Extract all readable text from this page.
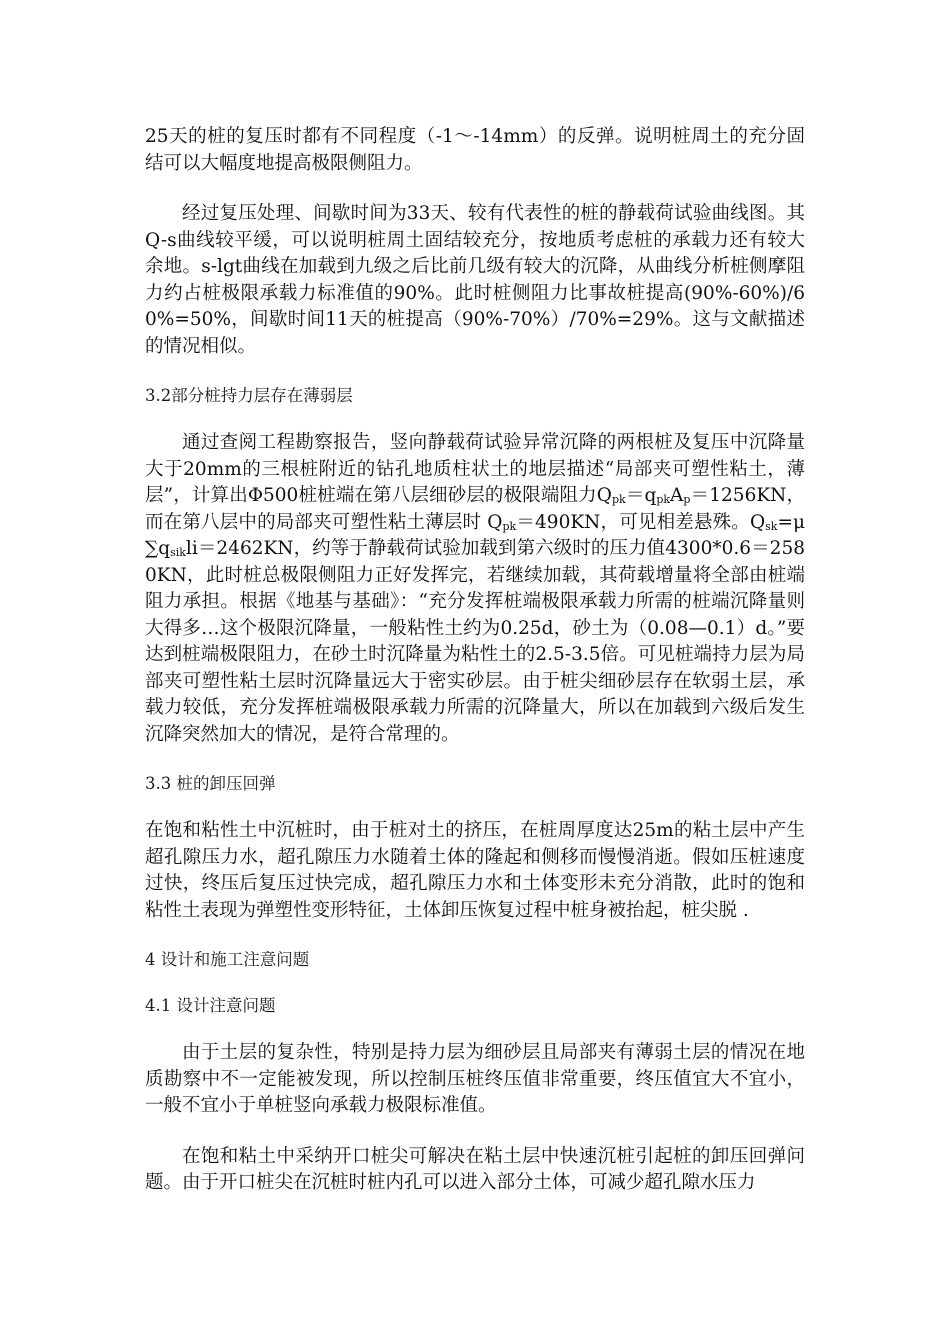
25天的桩的复压时都有不同程度（-1～-14mm）的反弹。说明桩周土的充分固结可以大幅度地提高极限侧阻力。

经过复压处理、间歇时间为33天、较有代表性的桩的静载荷试验曲线图。其Q-s曲线较平缓，可以说明桩周土固结较充分，按地质考虑桩的承载力还有较大余地。s-lgt曲线在加载到九级之后比前几级有较大的沉降，从曲线分析桩侧摩阻力约占桩极限承载力标准值的90%。此时桩侧阻力比事故桩提高(90%-60%)/60%=50%，间歇时间11天的桩提高（90%-70%）/70%=29%。这与文献描述的情况相似。

3.2部分桩持力层存在薄弱层

通过查阅工程勘察报告，竖向静载荷试验异常沉降的两根桩及复压中沉降量大于20mm的三根桩附近的钻孔地质柱状土的地层描述“局部夹可塑性粘土，薄层”，计算出Φ500桩桩端在第八层细砂层的极限端阻力$Q_{pk}=q_{pk}A_p=1256KN$，而在第八层中的局部夹可塑性粘土薄层时 $Q_{pk}=490KN$，可见相差悬殊。$Q_{sk}=\mu\sum q_{sik}li=2462KN$，约等于静载荷试验加载到第六级时的压力值4300*0.6＝2580KN，此时桩总极限侧阻力正好发挥完，若继续加载，其荷载增量将全部由桩端阻力承担。根据《地基与基础》：“充分发挥桩端极限承载力所需的桩端沉降量则大得多…这个极限沉降量，一般粘性土约为0.25d，砂土为（0.08—0.1）d。”要达到桩端极限阻力，在砂土时沉降量为粘性土的2.5-3.5倍。可见桩端持力层为局部夹可塑性粘土层时沉降量远大于密实砂层。由于桩尖细砂层存在软弱土层，承载力较低，充分发挥桩端极限承载力所需的沉降量大，所以在加载到六级后发生沉降突然加大的情况，是符合常理的。

3.3 桩的卸压回弹

在饱和粘性土中沉桩时，由于桩对土的挤压，在桩周厚度达25m的粘土层中产生超孔隙压力水，超孔隙压力水随着土体的隆起和侧移而慢慢消逝。假如压桩速度过快，终压后复压过快完成，超孔隙压力水和土体变形未充分消散，此时的饱和粘性土表现为弹塑性变形特征，土体卸压恢复过程中桩身被抬起，桩尖脱 .

4 设计和施工注意问题

4.1 设计注意问题

由于土层的复杂性，特别是持力层为细砂层且局部夹有薄弱土层的情况在地质勘察中不一定能被发现，所以控制压桩终压值非常重要，终压值宜大不宜小，一般不宜小于单桩竖向承载力极限标准值。

在饱和粘土中采纳开口桩尖可解决在粘土层中快速沉桩引起桩的卸压回弹问题。由于开口桩尖在沉桩时桩内孔可以进入部分土体，可减少超孔隙水压力
